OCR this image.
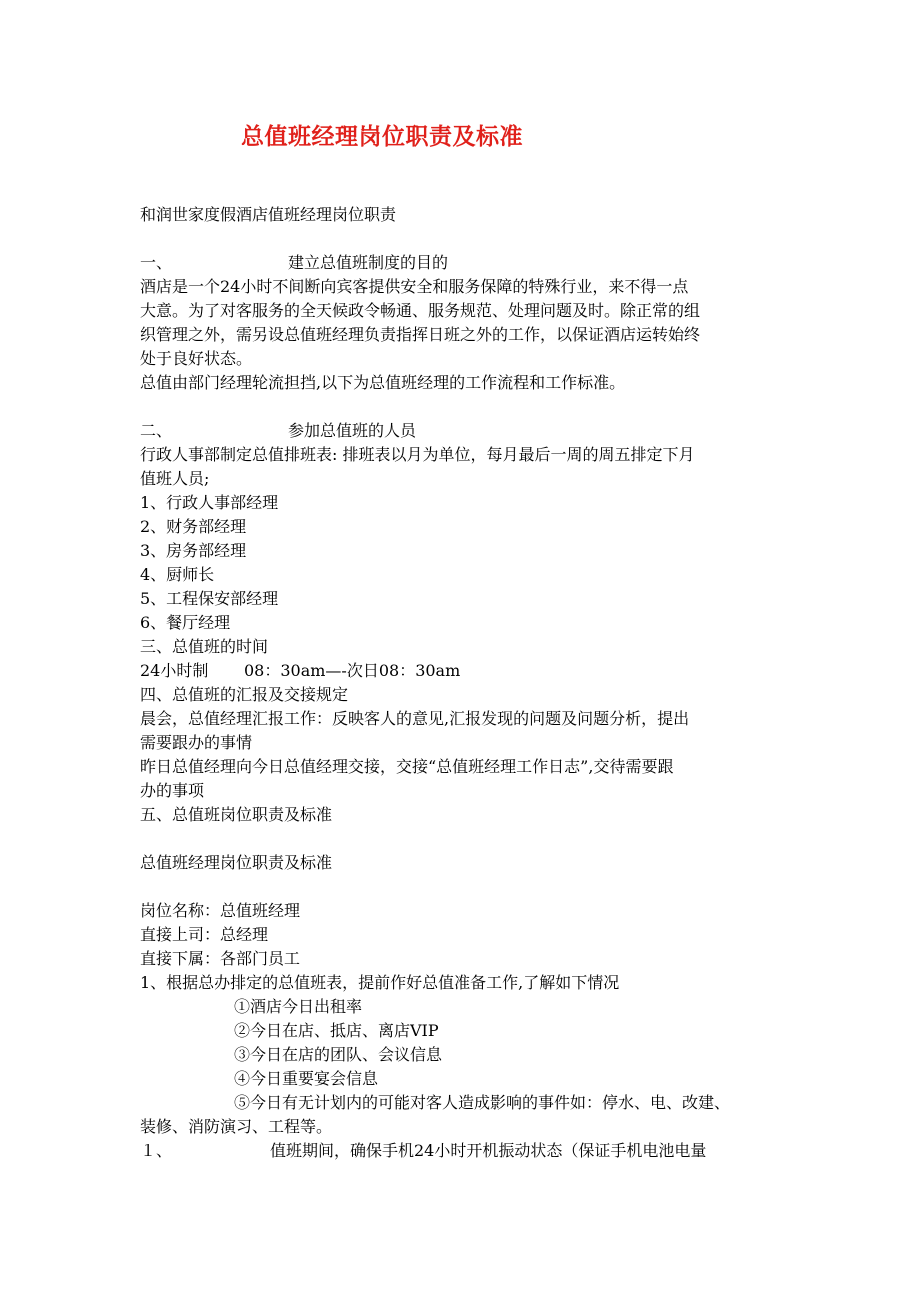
总值班经理岗位职责及标准
和润世家度假酒店值班经理岗位职责
一、	建立总值班制度的目的
酒店是一个24小时不间断向宾客提供安全和服务保障的特殊行业，来不得一点
大意。为了对客服务的全天候政令畅通、服务规范、处理问题及时。除正常的组
织管理之外，需另设总值班经理负责指挥日班之外的工作，以保证酒店运转始终
处于良好状态。
总值由部门经理轮流担挡,以下为总值班经理的工作流程和工作标准。
二、	参加总值班的人员
行政人事部制定总值排班表: 排班表以月为单位，每月最后一周的周五排定下月
值班人员;
1、行政人事部经理
2、财务部经理
3、房务部经理
4、厨师长
5、工程保安部经理
6、餐厅经理
三、总值班的时间
24小时制 08：30am—-次日08：30am
四、总值班的汇报及交接规定
晨会，总值经理汇报工作：反映客人的意见,汇报发现的问题及问题分析，提出
需要跟办的事情
昨日总值经理向今日总值经理交接，交接“总值班经理工作日志”,交待需要跟
办的事项
五、总值班岗位职责及标准
总值班经理岗位职责及标准
岗位名称：总值班经理
直接上司：总经理
直接下属：各部门员工
1、根据总办排定的总值班表，提前作好总值准备工作,了解如下情况
①酒店今日出租率
②今日在店、抵店、离店VIP
③今日在店的团队、会议信息
④今日重要宴会信息
⑤今日有无计划内的可能对客人造成影响的事件如：停水、电、改建、
装修、消防演习、工程等。
１、	值班期间，确保手机24小时开机振动状态（保证手机电池电量
